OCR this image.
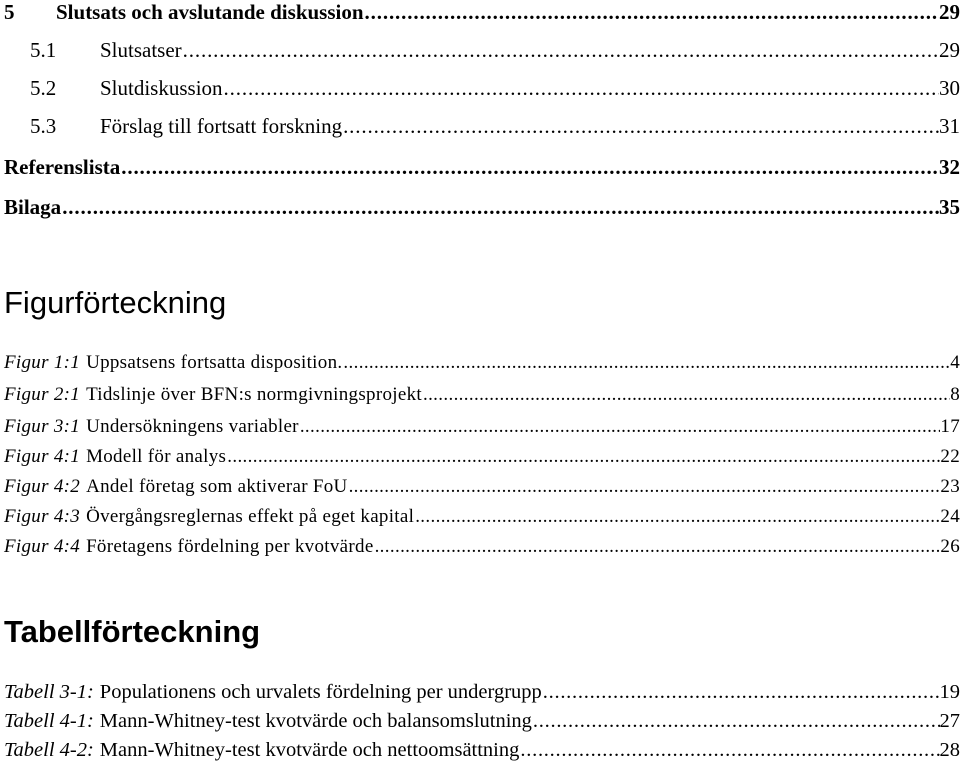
5	Slutsats och avslutande diskussion . . .	29
5.1	Slutsatser . . .	29
5.2	Slutdiskussion . . .	30
5.3	Förslag till fortsatt forskning . . .	31
Referenslista . . .	32
Bilaga . . .	35
Figurförteckning
Figur 1:1 Uppsatsens fortsatta disposition. . . .	4
Figur 2:1 Tidslinje över BFN:s normgivningsprojekt . . .	8
Figur 3:1 Undersökningens variabler . . .	17
Figur 4:1 Modell för analys . . .	22
Figur 4:2 Andel företag som aktiverar FoU . . .	23
Figur 4:3 Övergångsreglernas effekt på eget kapital . . .	24
Figur 4:4 Företagens fördelning per kvotvärde . . .	26
Tabellförteckning
Tabell 3-1: Populationens och urvalets fördelning per undergrupp . . .	19
Tabell 4-1: Mann-Whitney-test kvotvärde och balansomslutning . . .	27
Tabell 4-2: Mann-Whitney-test kvotvärde och nettoomsättning . . .	28
